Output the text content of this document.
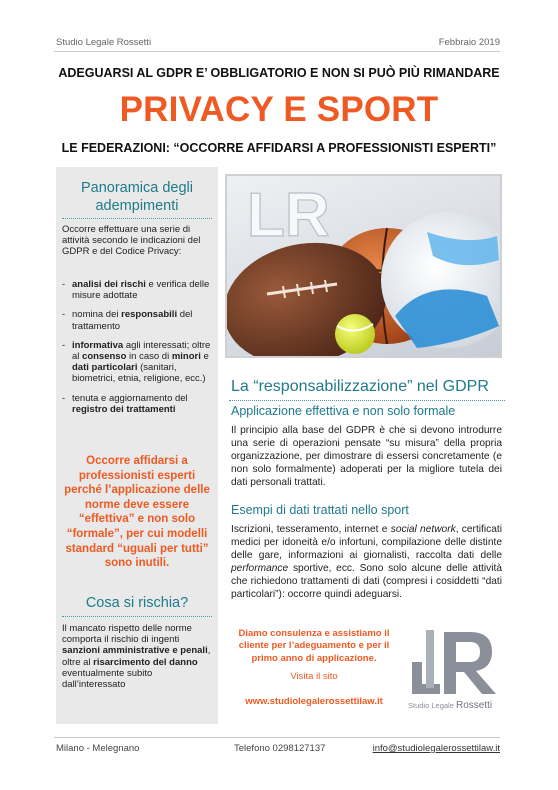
Studio Legale Rossetti	Febbraio 2019
ADEGUARSI AL GDPR E’ OBBLIGATORIO E NON SI PUÒ PIÙ RIMANDARE
PRIVACY E SPORT
LE FEDERAZIONI: “OCCORRE AFFIDARSI A PROFESSIONISTI ESPERTI”
Panoramica degli adempimenti
Occorre effettuare una serie di attività secondo le indicazioni del GDPR e del Codice Privacy:
- analisi dei rischi e verifica delle misure adottate
- nomina dei responsabili del trattamento
- informativa agli interessati; oltre al consenso in caso di minori e dati particolari (sanitari, biometrici, etnia, religione, ecc.)
- tenuta e aggiornamento del registro dei trattamenti
Occorre affidarsi a professionisti esperti perché l’applicazione delle norme deve essere “effettiva” e non solo “formale”, per cui modelli standard “uguali per tutti” sono inutili.
Cosa si rischia?
Il mancato rispetto delle norme comporta il rischio di ingenti sanzioni amministrative e penali, oltre al risarcimento del danno eventualmente subito dall’interessato
LR
La “responsabilizzazione” nel GDPR
Applicazione effettiva e non solo formale
Il principio alla base del GDPR è che si devono introdurre una serie di operazioni pensate “su misura” della propria organizzazione, per dimostrare di essersi concretamente (e non solo formalmente) adoperati per la migliore tutela dei dati personali trattati.
Esempi di dati trattati nello sport
Iscrizioni, tesseramento, internet e social network, certificati medici per idoneità e/o infortuni, compilazione delle distinte delle gare, informazioni ai giornalisti, raccolta dati delle performance sportive, ecc. Sono solo alcune delle attività che richiedono trattamenti di dati (compresi i cosiddetti “dati particolari”): occorre quindi adeguarsi.
Diamo consulenza e assistiamo il cliente per l’adeguamento e per il primo anno di applicazione.
Visita il sito
www.studiolegalerossettilaw.it	Studio Legale Rossetti
Milano - Melegnano	Telefono 0298127137	info@studiolegalerossettilaw.it
